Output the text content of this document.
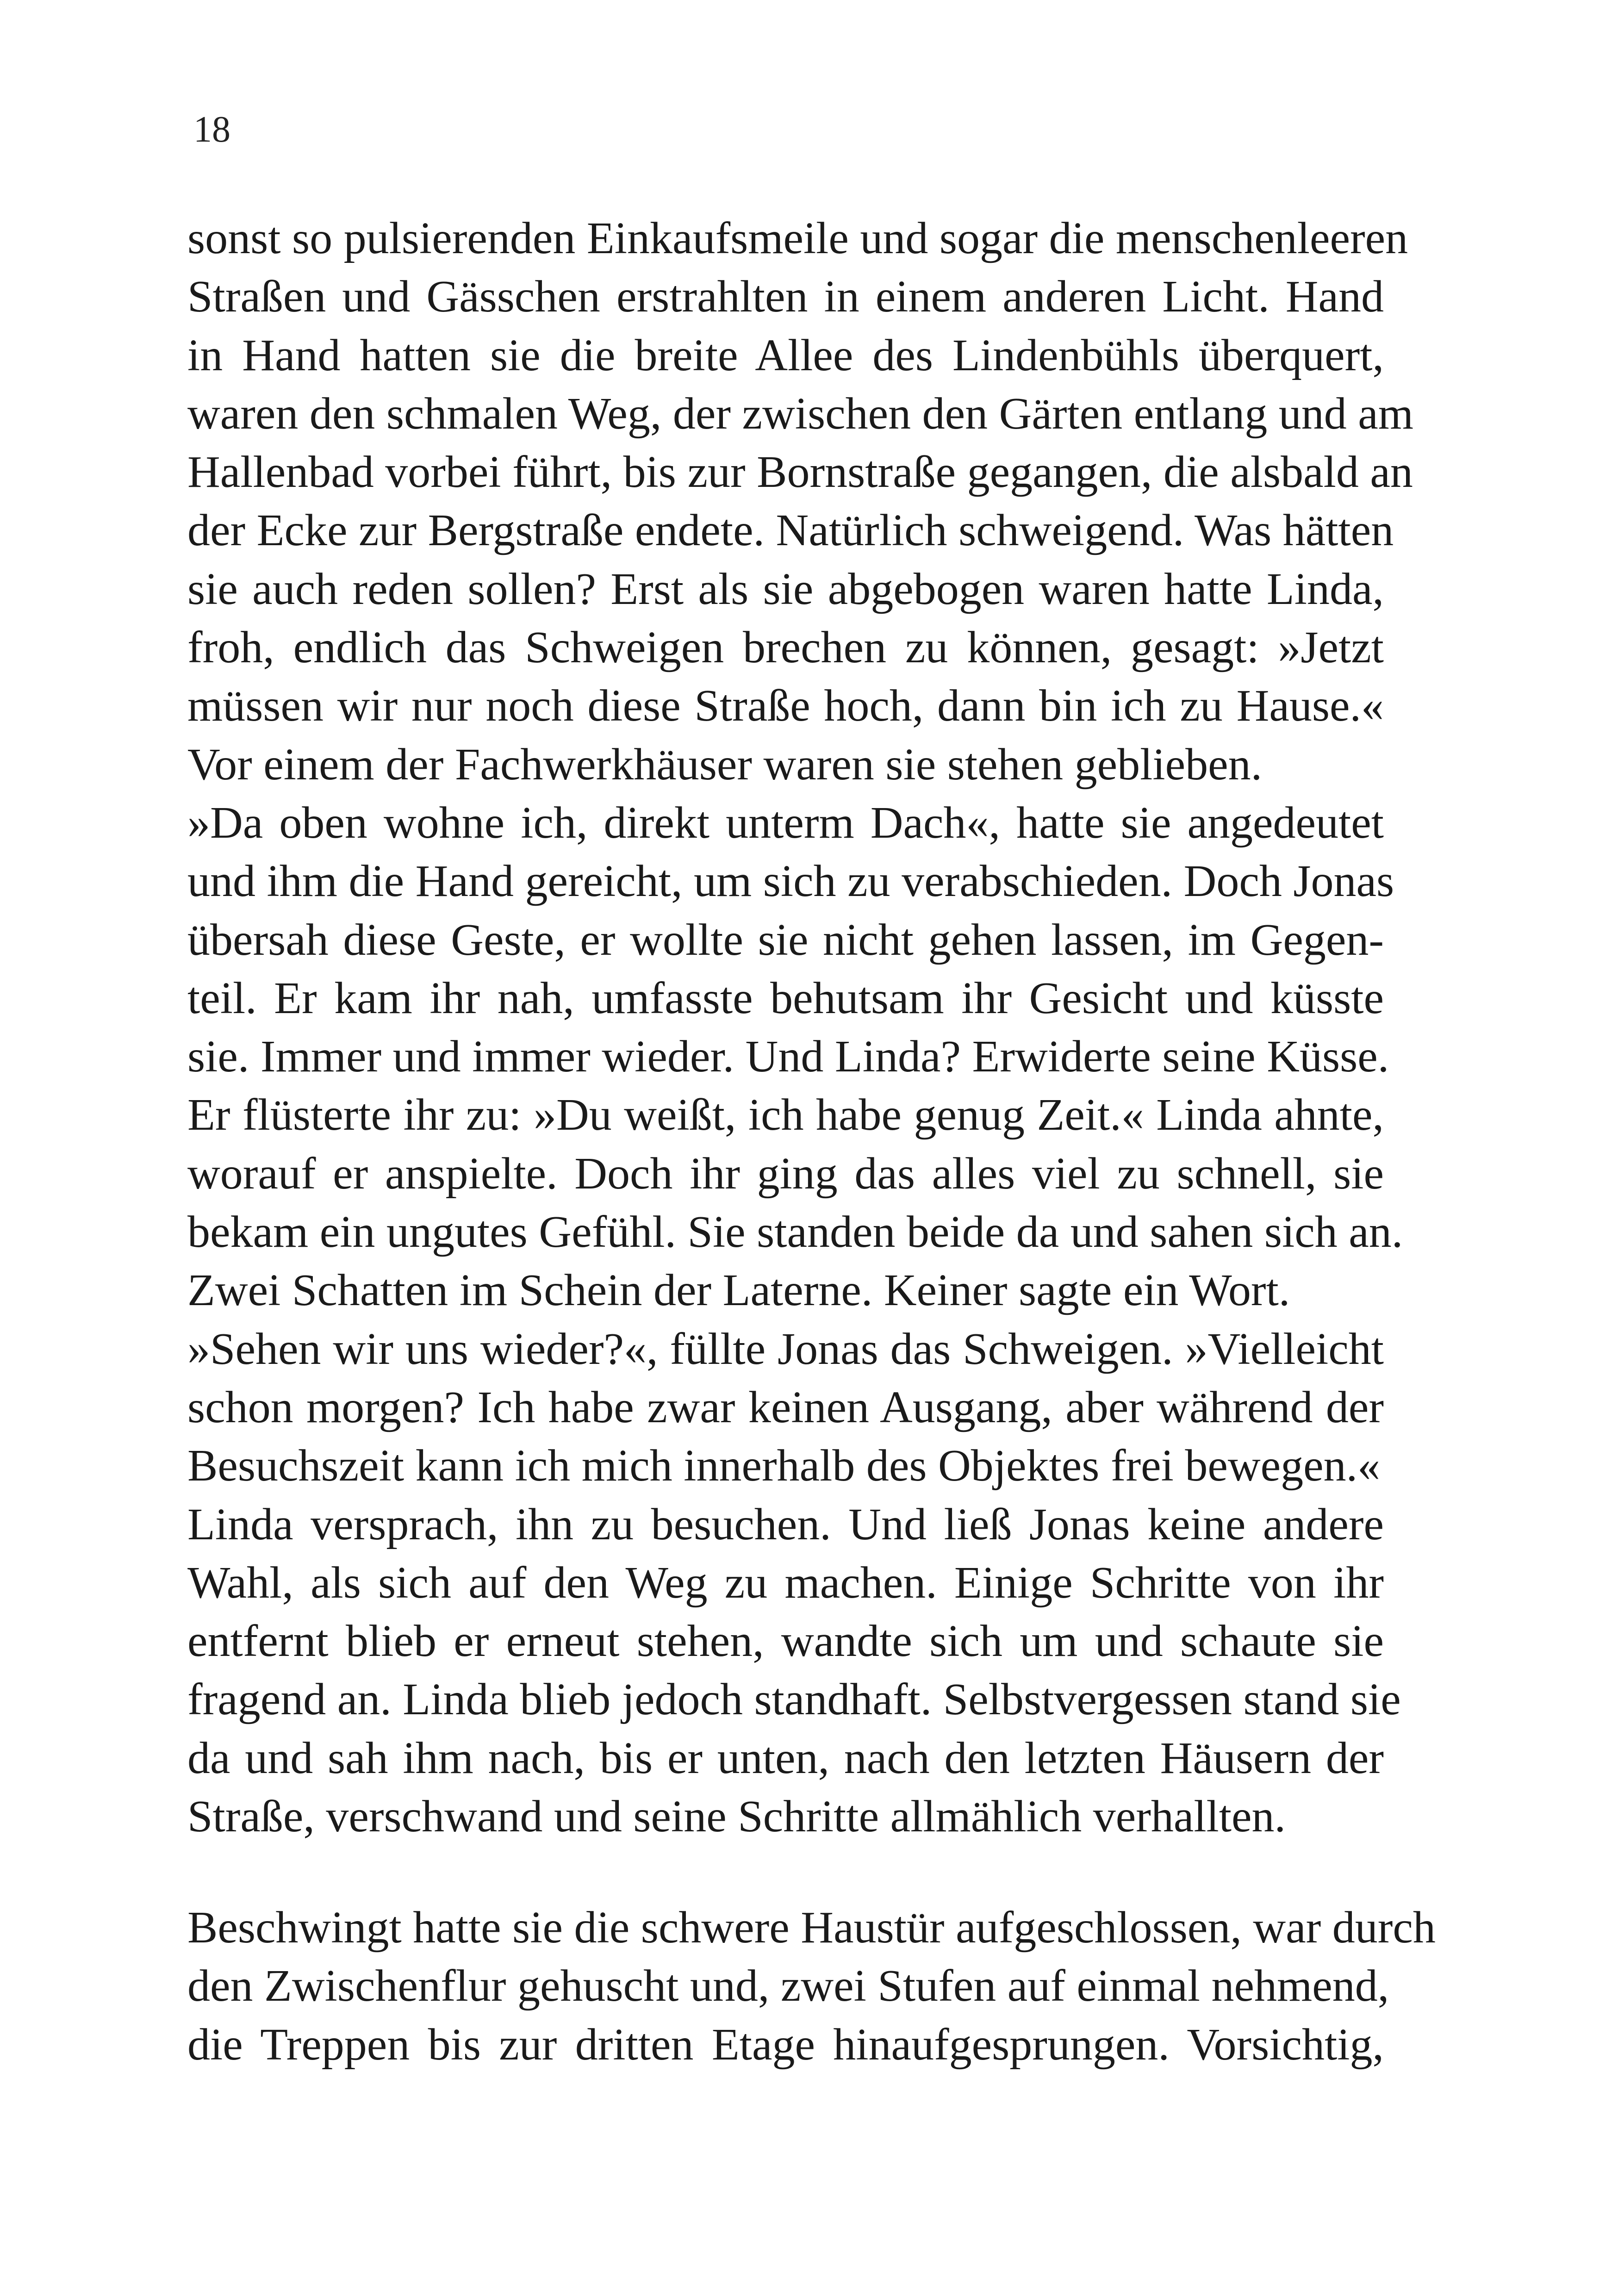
18
sonst so pulsierenden Einkaufsmeile und sogar die menschenleeren
Straßen und Gässchen erstrahlten in einem anderen Licht. Hand
in Hand hatten sie die breite Allee des Lindenbühls überquert,
waren den schmalen Weg, der zwischen den Gärten entlang und am
Hallenbad vorbei führt, bis zur Bornstraße gegangen, die alsbald an
der Ecke zur Bergstraße endete. Natürlich schweigend. Was hätten
sie auch reden sollen? Erst als sie abgebogen waren hatte Linda,
froh, endlich das Schweigen brechen zu können, gesagt: »Jetzt
müssen wir nur noch diese Straße hoch, dann bin ich zu Hause.«
Vor einem der Fachwerkhäuser waren sie stehen geblieben.
»Da oben wohne ich, direkt unterm Dach«, hatte sie angedeutet
und ihm die Hand gereicht, um sich zu verabschieden. Doch Jonas
übersah diese Geste, er wollte sie nicht gehen lassen, im Gegen-
teil. Er kam ihr nah, umfasste behutsam ihr Gesicht und küsste
sie. Immer und immer wieder. Und Linda? Erwiderte seine Küsse.
Er flüsterte ihr zu: »Du weißt, ich habe genug Zeit.« Linda ahnte,
worauf er anspielte. Doch ihr ging das alles viel zu schnell, sie
bekam ein ungutes Gefühl. Sie standen beide da und sahen sich an.
Zwei Schatten im Schein der Laterne. Keiner sagte ein Wort.
»Sehen wir uns wieder?«, füllte Jonas das Schweigen. »Vielleicht
schon morgen? Ich habe zwar keinen Ausgang, aber während der
Besuchszeit kann ich mich innerhalb des Objektes frei bewegen.«
Linda versprach, ihn zu besuchen. Und ließ Jonas keine andere
Wahl, als sich auf den Weg zu machen. Einige Schritte von ihr
entfernt blieb er erneut stehen, wandte sich um und schaute sie
fragend an. Linda blieb jedoch standhaft. Selbstvergessen stand sie
da und sah ihm nach, bis er unten, nach den letzten Häusern der
Straße, verschwand und seine Schritte allmählich verhallten.
Beschwingt hatte sie die schwere Haustür aufgeschlossen, war durch
den Zwischenflur gehuscht und, zwei Stufen auf einmal nehmend,
die Treppen bis zur dritten Etage hinaufgesprungen. Vorsichtig,
